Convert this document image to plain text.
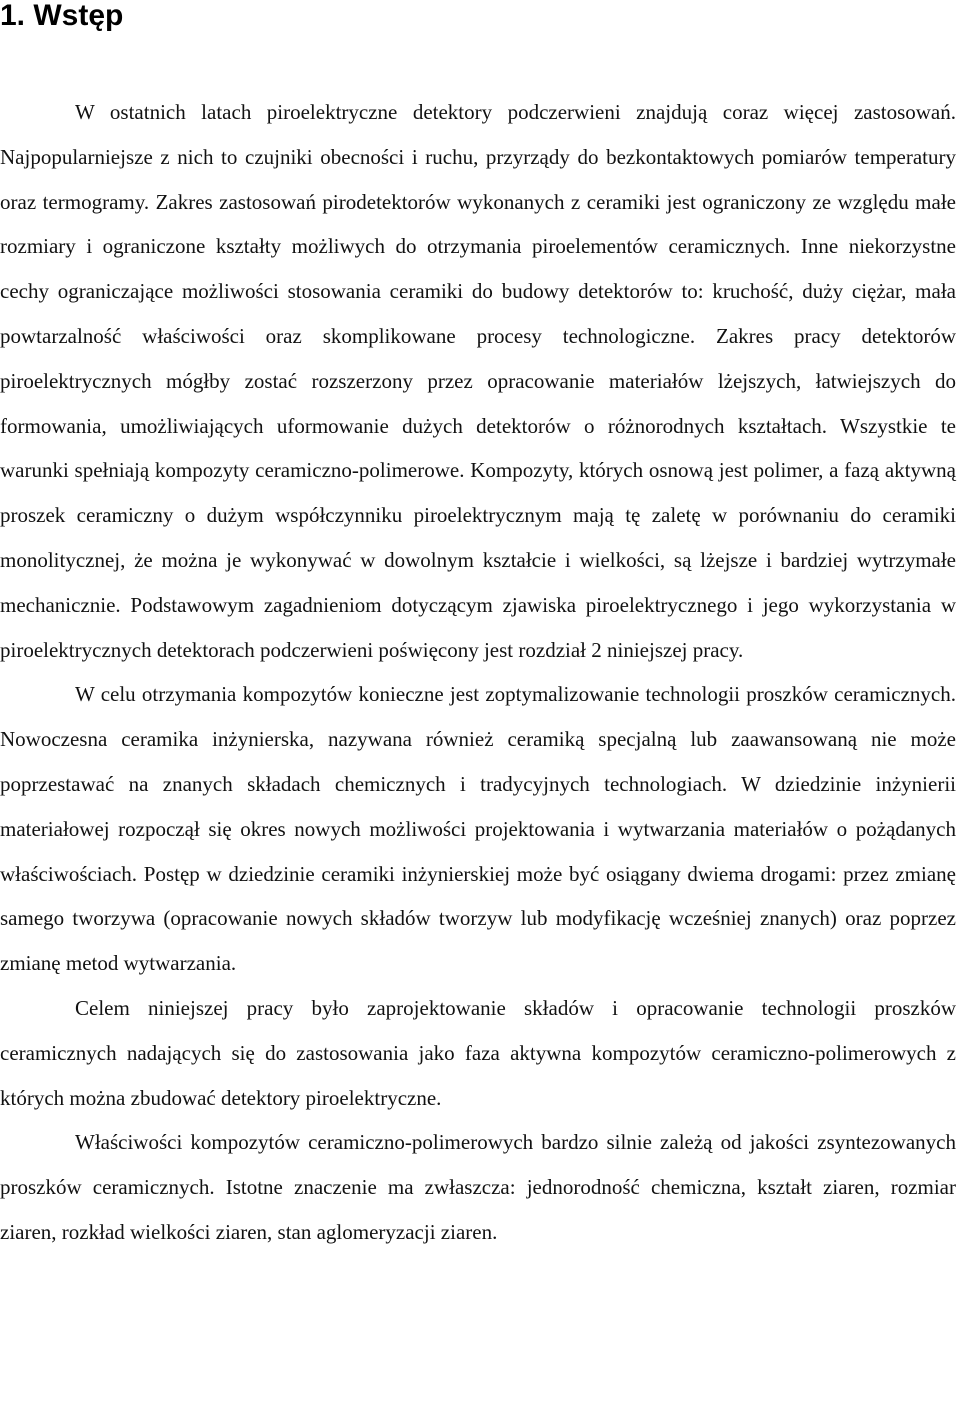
1. Wstęp

W ostatnich latach piroelektryczne detektory podczerwieni znajdują coraz więcej zastosowań. Najpopularniejsze z nich to czujniki obecności i ruchu, przyrządy do bezkontaktowych pomiarów temperatury oraz termogramy. Zakres zastosowań pirodetektorów wykonanych z ceramiki jest ograniczony ze względu małe rozmiary i ograniczone kształty możliwych do otrzymania piroelementów ceramicznych. Inne niekorzystne cechy ograniczające możliwości stosowania ceramiki do budowy detektorów to: kruchość, duży ciężar, mała powtarzalność właściwości oraz skomplikowane procesy technologiczne. Zakres pracy detektorów piroelektrycznych mógłby zostać rozszerzony przez opracowanie materiałów lżejszych, łatwiejszych do formowania, umożliwiających uformowanie dużych detektorów o różnorodnych kształtach. Wszystkie te warunki spełniają kompozyty ceramiczno-polimerowe. Kompozyty, których osnową jest polimer, a fazą aktywną proszek ceramiczny o dużym współczynniku piroelektrycznym mają tę zaletę w porównaniu do ceramiki monolitycznej, że można je wykonywać w dowolnym kształcie i wielkości, są lżejsze i bardziej wytrzymałe mechanicznie. Podstawowym zagadnieniom dotyczącym zjawiska piroelektrycznego i jego wykorzystania w piroelektrycznych detektorach podczerwieni poświęcony jest rozdział 2 niniejszej pracy.

W celu otrzymania kompozytów konieczne jest zoptymalizowanie technologii proszków ceramicznych. Nowoczesna ceramika inżynierska, nazywana również ceramiką specjalną lub zaawansowaną nie może poprzestawać na znanych składach chemicznych i tradycyjnych technologiach. W dziedzinie inżynierii materiałowej rozpoczął się okres nowych możliwości projektowania i wytwarzania materiałów o pożądanych właściwościach. Postęp w dziedzinie ceramiki inżynierskiej może być osiągany dwiema drogami: przez zmianę samego tworzywa (opracowanie nowych składów tworzyw lub modyfikację wcześniej znanych) oraz poprzez zmianę metod wytwarzania.

Celem niniejszej pracy było zaprojektowanie składów i opracowanie technologii proszków ceramicznych nadających się do zastosowania jako faza aktywna kompozytów ceramiczno-polimerowych z których można zbudować detektory piroelektryczne.

Właściwości kompozytów ceramiczno-polimerowych bardzo silnie zależą od jakości zsyntezowanych proszków ceramicznych. Istotne znaczenie ma zwłaszcza: jednorodność chemiczna, kształt ziaren, rozmiar ziaren, rozkład wielkości ziaren, stan aglomeryzacji ziaren.
